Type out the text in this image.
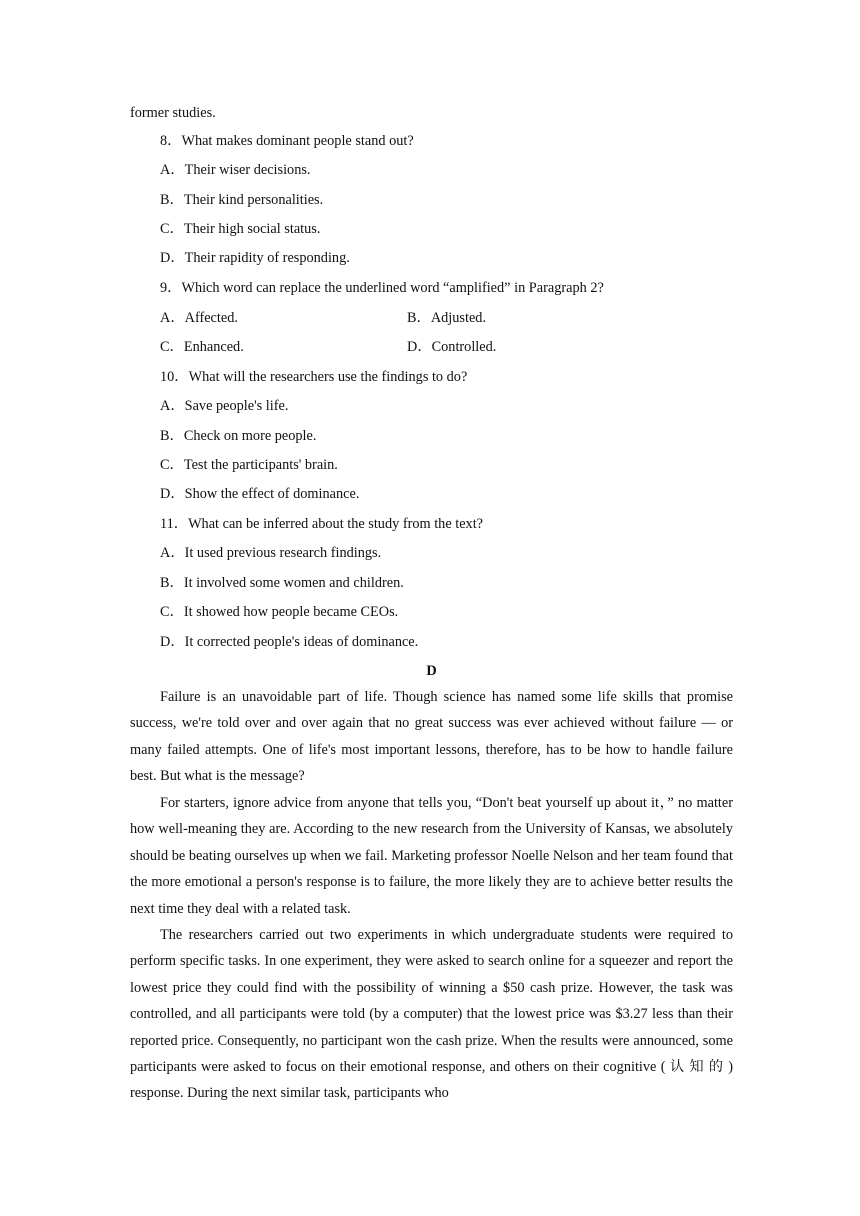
former studies.
8．What makes dominant people stand out?
A．Their wiser decisions.
B．Their kind personalities.
C．Their high social status.
D．Their rapidity of responding.
9．Which word can replace the underlined word “amplified” in Paragraph 2?
A．Affected.	B．Adjusted.
C．Enhanced.	D．Controlled.
10．What will the researchers use the findings to do?
A．Save people's life.
B．Check on more people.
C．Test the participants' brain.
D．Show the effect of dominance.
11．What can be inferred about the study from the text?
A．It used previous research findings.
B．It involved some women and children.
C．It showed how people became CEOs.
D．It corrected people's ideas of dominance.
D
Failure is an unavoidable part of life. Though science has named some life skills that promise success, we're told over and over again that no great success was ever achieved without failure — or many failed attempts. One of life's most important lessons, therefore, has to be how to handle failure best. But what is the message?
For starters, ignore advice from anyone that tells you, “Don't beat yourself up about it，” no matter how well-meaning they are. According to the new research from the University of Kansas, we absolutely should be beating ourselves up when we fail. Marketing professor Noelle Nelson and her team found that the more emotional a person's response is to failure, the more likely they are to achieve better results the next time they deal with a related task.
The researchers carried out two experiments in which undergraduate students were required to perform specific tasks. In one experiment, they were asked to search online for a squeezer and report the lowest price they could find with the possibility of winning a $50 cash prize. However, the task was controlled, and all participants were told (by a computer) that the lowest price was $3.27 less than their reported price. Consequently, no participant won the cash prize. When the results were announced, some participants were asked to focus on their emotional response, and others on their cognitive ( 认 知 的 ) response. During the next similar task, participants who
